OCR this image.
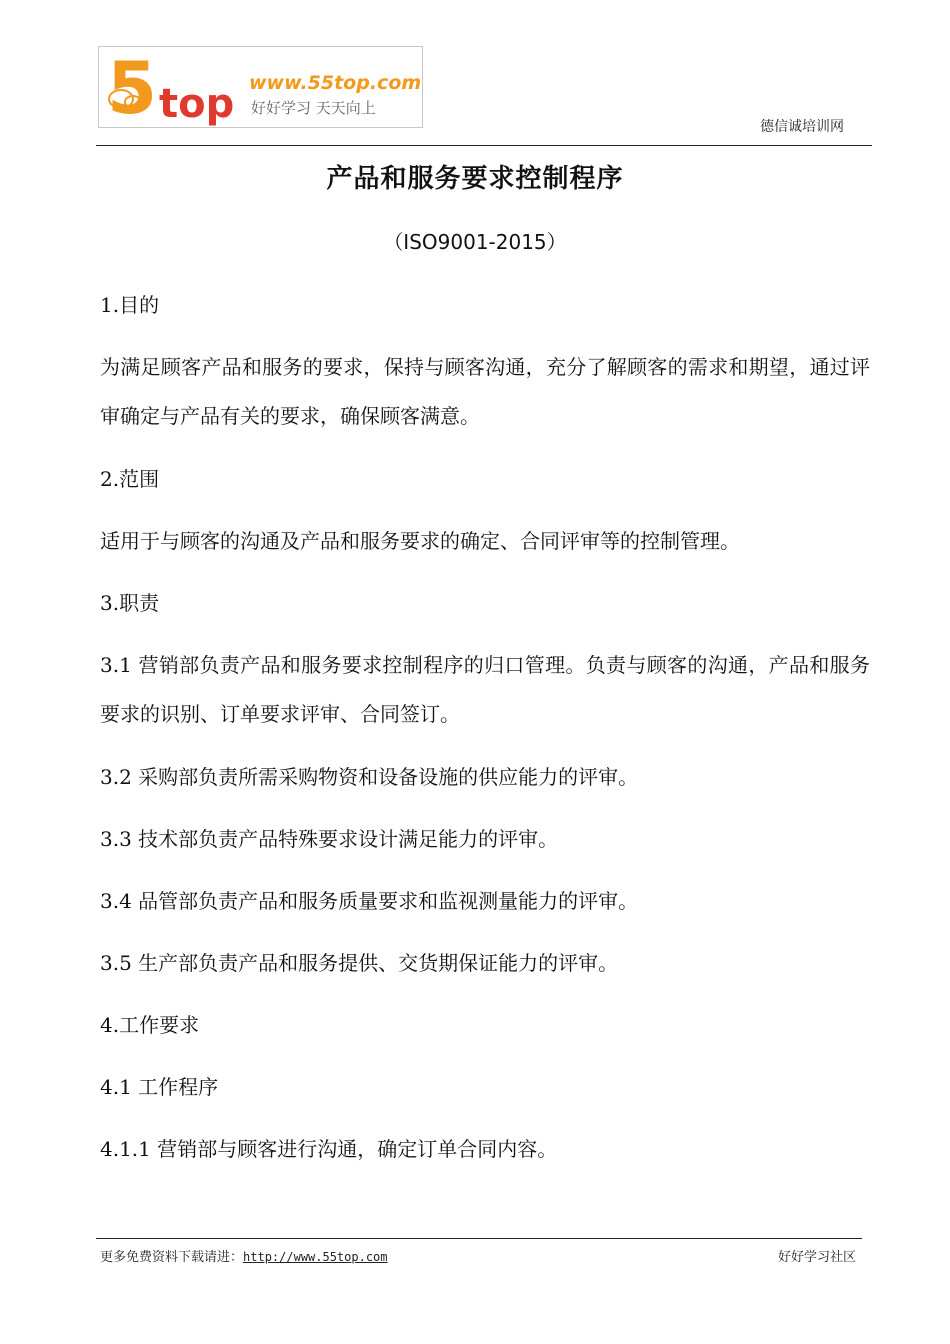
5 top www.55top.com
好好学习 天天向上
德信诚培训网
产品和服务要求控制程序
（ISO9001-2015）

1.目的

为满足顾客产品和服务的要求，保持与顾客沟通，充分了解顾客的需求和期望，通过评审确定与产品有关的要求，确保顾客满意。

2.范围

适用于与顾客的沟通及产品和服务要求的确定、合同评审等的控制管理。

3.职责

3.1 营销部负责产品和服务要求控制程序的归口管理。负责与顾客的沟通，产品和服务要求的识别、订单要求评审、合同签订。

3.2 采购部负责所需采购物资和设备设施的供应能力的评审。

3.3 技术部负责产品特殊要求设计满足能力的评审。

3.4 品管部负责产品和服务质量要求和监视测量能力的评审。

3.5 生产部负责产品和服务提供、交货期保证能力的评审。

4.工作要求

4.1 工作程序

4.1.1 营销部与顾客进行沟通，确定订单合同内容。

更多免费资料下载请进：http://www.55top.com	好好学习社区
